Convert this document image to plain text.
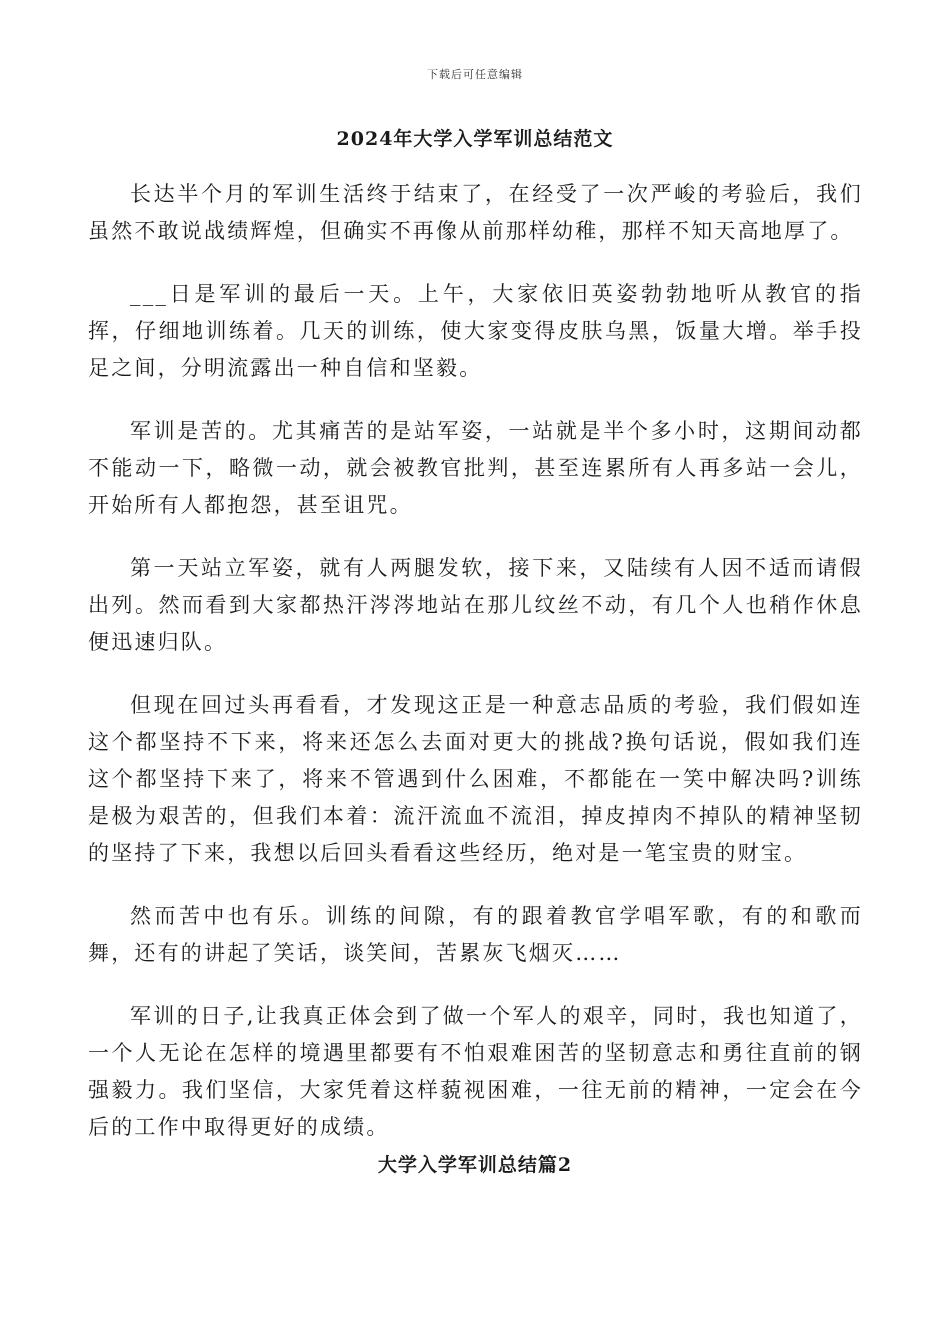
下载后可任意编辑
2024年大学入学军训总结范文

长达半个月的军训生活终于结束了，在经受了一次严峻的考验后，我们虽然不敢说战绩辉煌，但确实不再像从前那样幼稚，那样不知天高地厚了。

___日是军训的最后一天。上午，大家依旧英姿勃勃地听从教官的指挥，仔细地训练着。几天的训练，使大家变得皮肤乌黑，饭量大增。举手投足之间，分明流露出一种自信和坚毅。

军训是苦的。尤其痛苦的是站军姿，一站就是半个多小时，这期间动都不能动一下，略微一动，就会被教官批判，甚至连累所有人再多站一会儿，开始所有人都抱怨，甚至诅咒。

第一天站立军姿，就有人两腿发软，接下来，又陆续有人因不适而请假出列。然而看到大家都热汗涔涔地站在那儿纹丝不动，有几个人也稍作休息便迅速归队。

但现在回过头再看看，才发现这正是一种意志品质的考验，我们假如连这个都坚持不下来，将来还怎么去面对更大的挑战?换句话说，假如我们连这个都坚持下来了，将来不管遇到什么困难，不都能在一笑中解决吗?训练是极为艰苦的，但我们本着：流汗流血不流泪，掉皮掉肉不掉队的精神坚韧的坚持了下来，我想以后回头看看这些经历，绝对是一笔宝贵的财宝。

然而苦中也有乐。训练的间隙，有的跟着教官学唱军歌，有的和歌而舞，还有的讲起了笑话，谈笑间，苦累灰飞烟灭……

军训的日子,让我真正体会到了做一个军人的艰辛，同时，我也知道了，一个人无论在怎样的境遇里都要有不怕艰难困苦的坚韧意志和勇往直前的钢强毅力。我们坚信，大家凭着这样藐视困难，一往无前的精神，一定会在今后的工作中取得更好的成绩。

大学入学军训总结篇2
